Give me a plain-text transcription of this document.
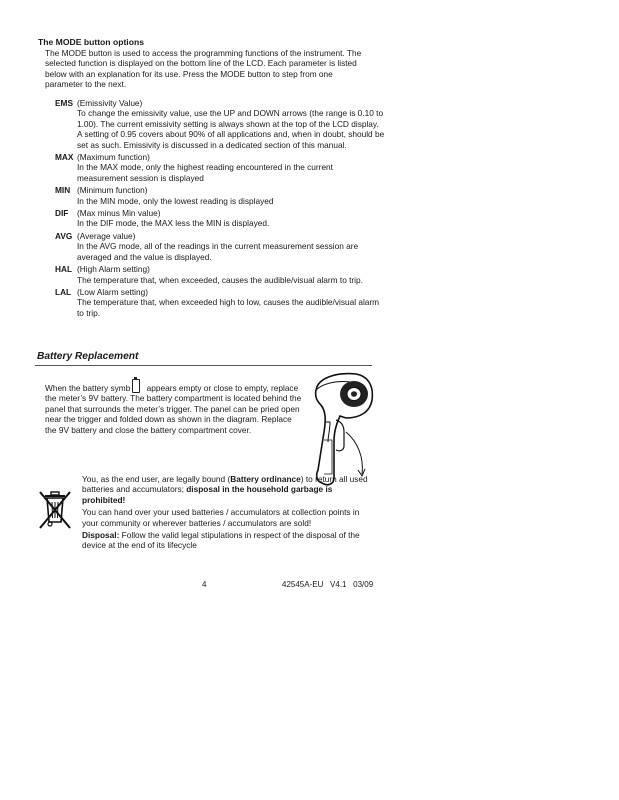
The MODE button options
The MODE button is used to access the programming functions of the instrument. The selected function is displayed on the bottom line of the LCD. Each parameter is listed below with an explanation for its use. Press the MODE button to step from one parameter to the next.
EMS (Emissivity Value)
To change the emissivity value, use the UP and DOWN arrows (the range is 0.10 to 1.00). The current emissivity setting is always shown at the top of the LCD display. A setting of 0.95 covers about 90% of all applications and, when in doubt, should be set as such. Emissivity is discussed in a dedicated section of this manual.
MAX (Maximum function)
In the MAX mode, only the highest reading encountered in the current measurement session is displayed
MIN (Minimum function)
In the MIN mode, only the lowest reading is displayed
DIF	(Max minus Min value)
In the DIF mode, the MAX less the MIN is displayed.
AVG (Average value)
In the AVG mode, all of the readings in the current measurement session are averaged and the value is displayed.
HAL (High Alarm setting)
The temperature that, when exceeded, causes the audible/visual alarm to trip.
LAL (Low Alarm setting)
The temperature that, when exceeded high to low, causes the audible/visual alarm to trip.
Battery Replacement
When the battery symb appears empty or close to empty, replace the meter’s 9V battery. The battery compartment is located behind the panel that surrounds the meter’s trigger. The panel can be pried open near the trigger and folded down as shown in the diagram. Replace the 9V battery and close the battery compartment cover.

You, as the end user, are legally bound (Battery ordinance) to return all used batteries and accumulators; disposal in the household garbage is prohibited!

You can hand over your used batteries / accumulators at collection points in your community or wherever batteries / accumulators are sold!

Disposal: Follow the valid legal stipulations in respect of the disposal of the device at the end of its lifecycle

4	42545A-EU   V4.1   03/09
